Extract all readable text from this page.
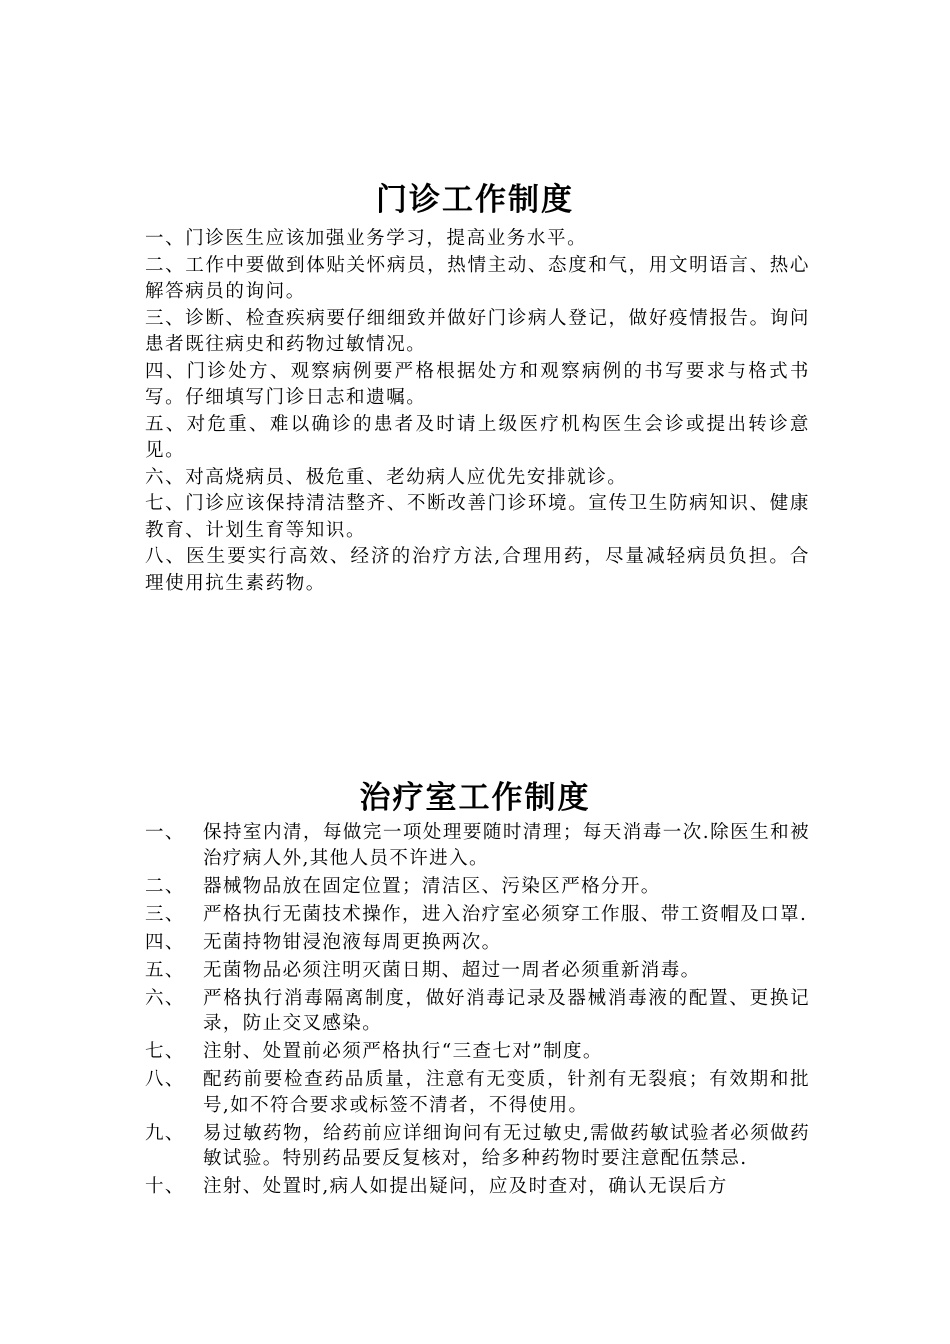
门诊工作制度

一、门诊医生应该加强业务学习，提高业务水平。

二、工作中要做到体贴关怀病员，热情主动、态度和气，用文明语言、热心解答病员的询问。

三、诊断、检查疾病要仔细细致并做好门诊病人登记，做好疫情报告。询问患者既往病史和药物过敏情况。

四、门诊处方、观察病例要严格根据处方和观察病例的书写要求与格式书写。仔细填写门诊日志和遗嘱。

五、对危重、难以确诊的患者及时请上级医疗机构医生会诊或提出转诊意见。

六、对高烧病员、极危重、老幼病人应优先安排就诊。

七、门诊应该保持清洁整齐、不断改善门诊环境。宣传卫生防病知识、健康教育、计划生育等知识。

八、医生要实行高效、经济的治疗方法,合理用药，尽量减轻病员负担。合理使用抗生素药物。

治疗室工作制度
一、 保持室内清，每做完一项处理要随时清理；每天消毒一次.除医生和被治疗病人外,其他人员不许进入。
二、 器械物品放在固定位置；清洁区、污染区严格分开。
三、 严格执行无菌技术操作，进入治疗室必须穿工作服、带工资帽及口罩.
四、 无菌持物钳浸泡液每周更换两次。
五、 无菌物品必须注明灭菌日期、超过一周者必须重新消毒。
六、 严格执行消毒隔离制度，做好消毒记录及器械消毒液的配置、更换记录，防止交叉感染。
七、 注射、处置前必须严格执行“三查七对”制度。
八、 配药前要检查药品质量，注意有无变质，针剂有无裂痕；有效期和批号,如不符合要求或标签不清者，不得使用。
九、 易过敏药物，给药前应详细询问有无过敏史,需做药敏试验者必须做药敏试验。特别药品要反复核对，给多种药物时要注意配伍禁忌.
十、 注射、处置时,病人如提出疑问，应及时查对，确认无误后方
